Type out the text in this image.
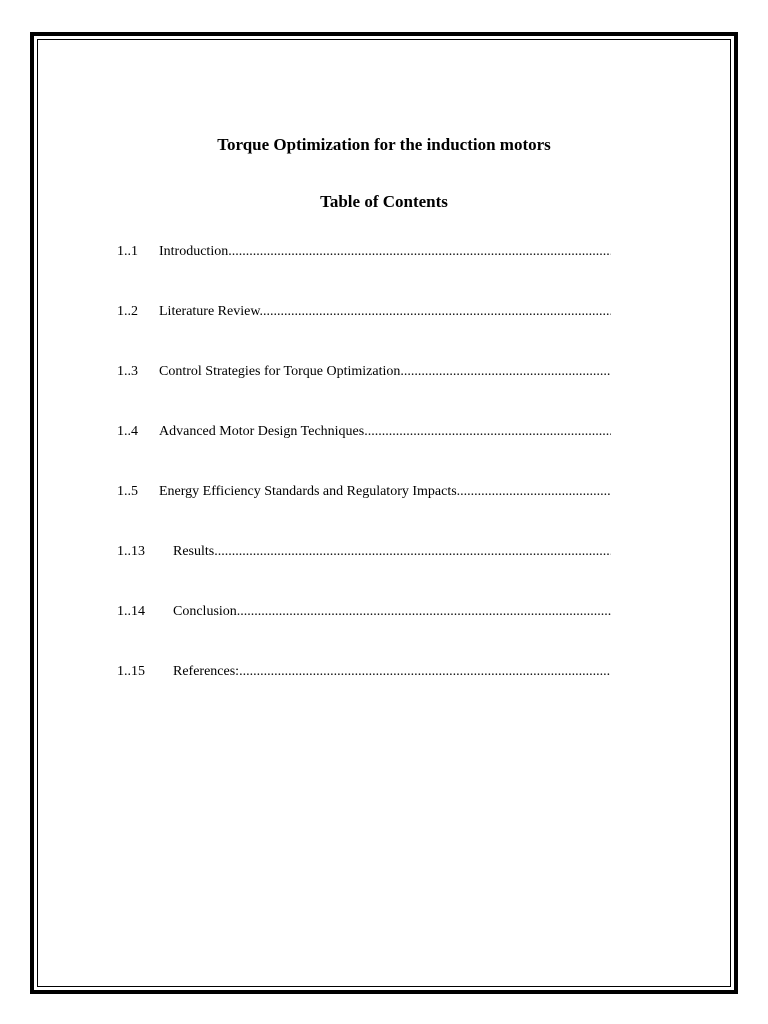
Torque Optimization for the induction motors
Table of Contents
1..1 Introduction .....
1..2 Literature Review .....
1..3 Control Strategies for Torque Optimization .....
1..4 Advanced Motor Design Techniques .....
1..5 Energy Efficiency Standards and Regulatory Impacts .....
1..13 Results .....
1..14 Conclusion .....
1..15 References: .....
